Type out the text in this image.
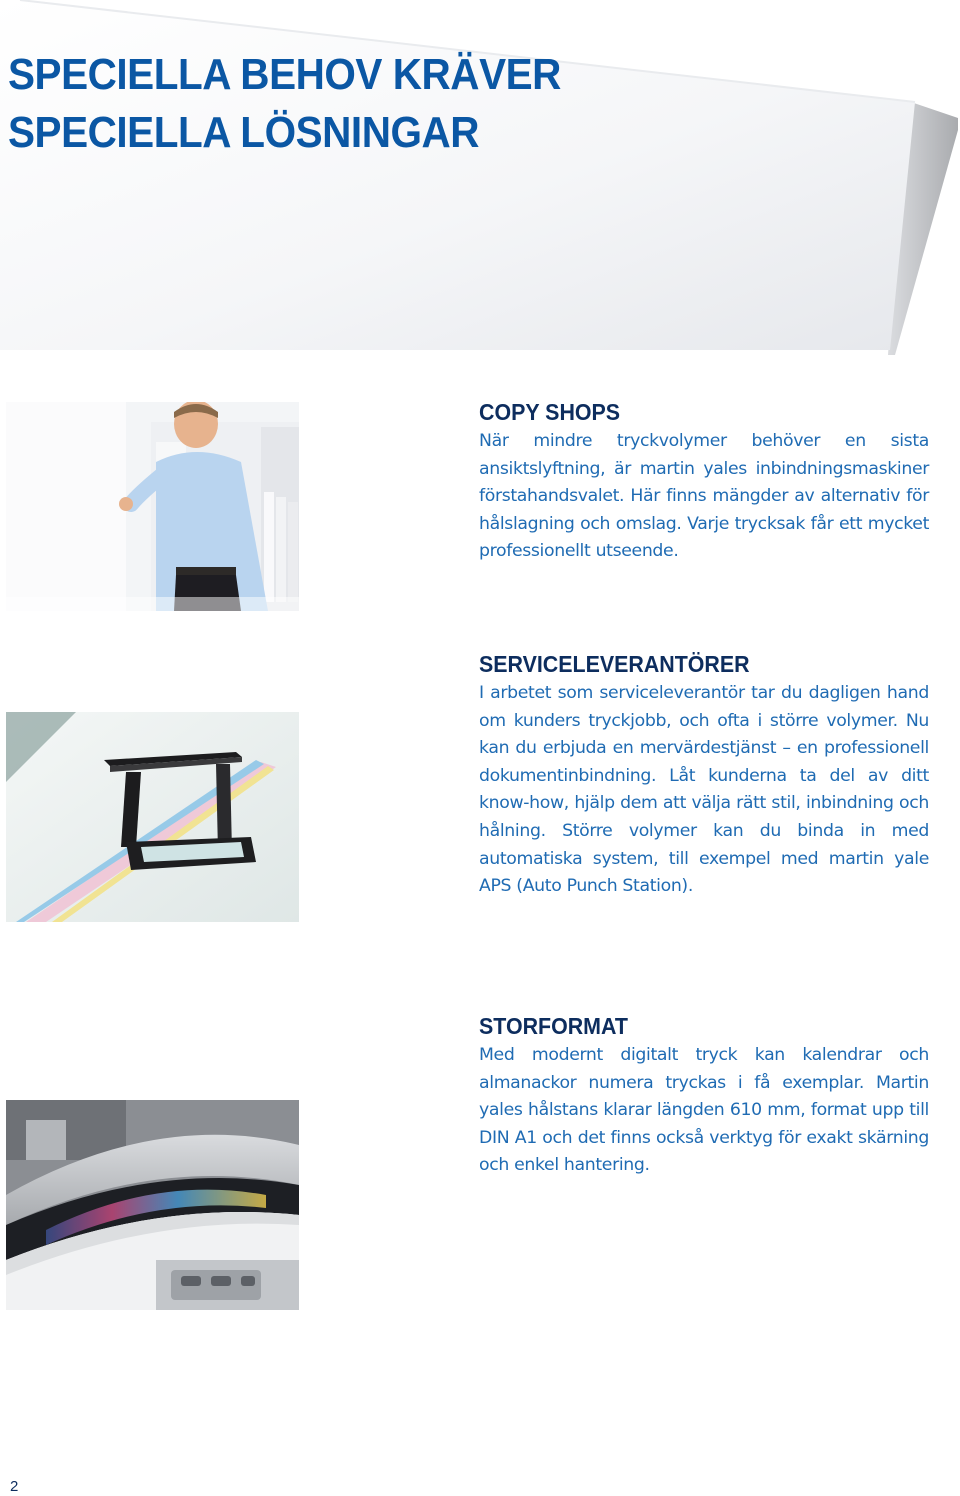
SPECIELLA BEHOV KRÄVER
SPECIELLA LÖSNINGAR
COPY SHOPS

När mindre tryckvolymer behöver en sista ansiktslyftning, är martin yales inbindningsmaskiner förstahandsvalet. Här finns mängder av alternativ för hålslagning och omslag. Varje trycksak får ett mycket professionellt utseende.

SERVICELEVERANTÖRER

I arbetet som serviceleverantör tar du dagligen hand om kunders tryckjobb, och ofta i större volymer. Nu kan du erbjuda en mervärdestjänst – en professionell dokumentinbindning. Låt kunderna ta del av ditt know-how, hjälp dem att välja rätt stil, inbindning och hålning. Större volymer kan du binda in med automatiska system, till exempel med martin yale APS (Auto Punch Station).

STORFORMAT

Med modernt digitalt tryck kan kalendrar och almanackor numera tryckas i få exemplar. Martin yales hålstans klarar längden 610 mm, format upp till DIN A1 och det finns också verktyg för exakt skärning och enkel hantering.

2
